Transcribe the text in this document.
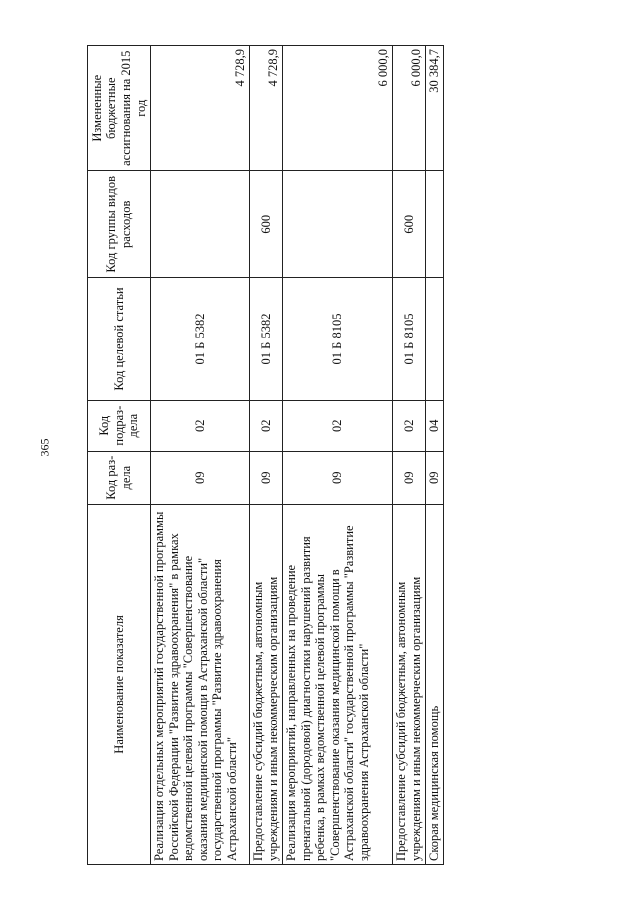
365
Наименование показателя	Код раз-дела	Код подраз-дела	Код целевой статьи	Код группы видов расходов	Измененные бюджетные ассигнования на 2015 год
Реализация отдельных мероприятий государственной программы Российской Федерации "Развитие здравоохранения" в рамках ведомственной целевой программы "Совершенствование оказания медицинской помощи в Астраханской области" государственной программы "Развитие здравоохранения Астраханской области"	09	02	01 Б 5382		4 728,9
Предоставление субсидий бюджетным, автономным учреждениям и иным некоммерческим организациям	09	02	01 Б 5382	600	4 728,9
Реализация мероприятий, направленных на проведение пренатальной (дородовой) диагностики нарушений развития ребенка, в рамках ведомственной целевой программы "Совершенствование оказания медицинской помощи в Астраханской области" государственной программы "Развитие здравоохранения Астраханской области"	09	02	01 Б 8105		6 000,0
Предоставление субсидий бюджетным, автономным учреждениям и иным некоммерческим организациям	09	02	01 Б 8105	600	6 000,0
Скорая медицинская помощь	09	04			30 384,7
